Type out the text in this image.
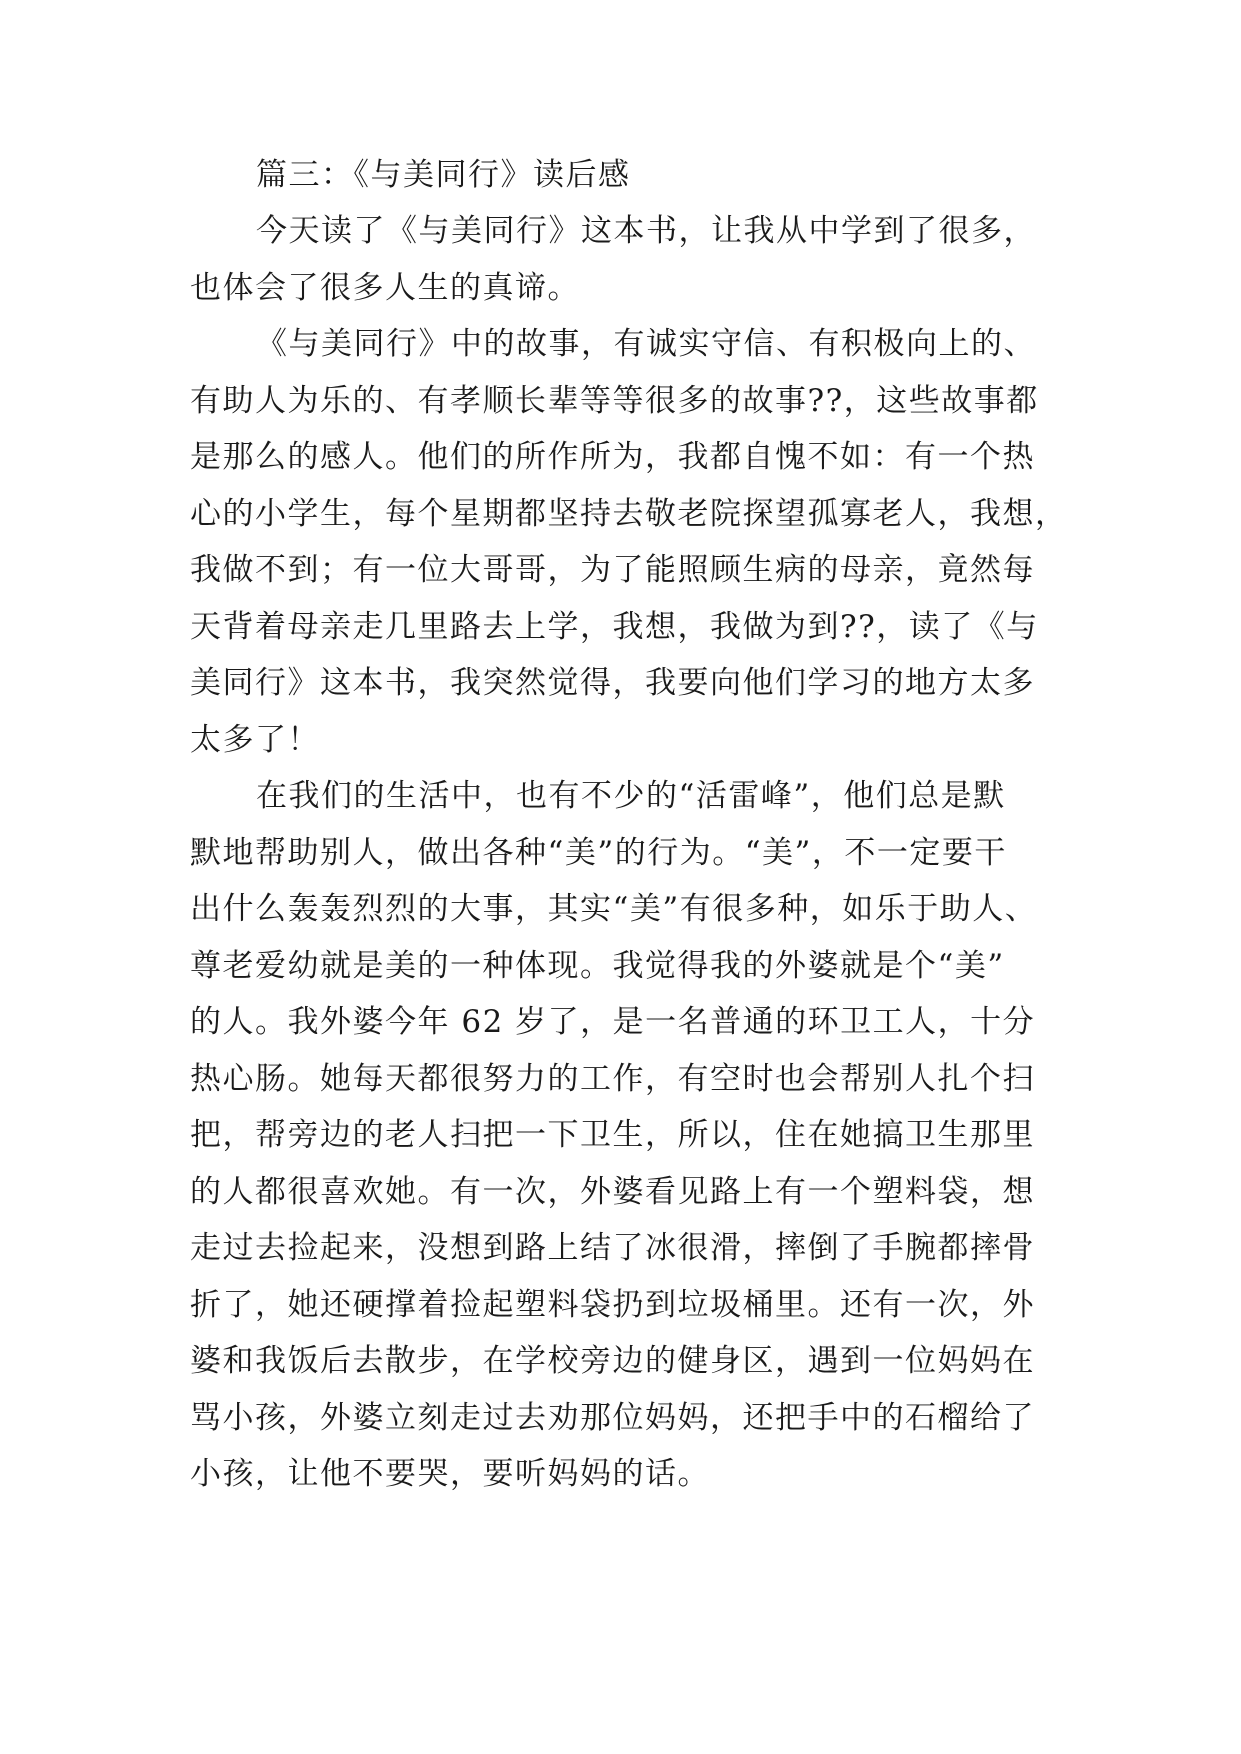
篇三：《与美同行》读后感
今天读了《与美同行》这本书，让我从中学到了很多，
也体会了很多人生的真谛。
《与美同行》中的故事，有诚实守信、有积极向上的、
有助人为乐的、有孝顺长辈等等很多的故事??，这些故事都
是那么的感人。他们的所作所为，我都自愧不如：有一个热
心的小学生，每个星期都坚持去敬老院探望孤寡老人，我想，
我做不到；有一位大哥哥，为了能照顾生病的母亲，竟然每
天背着母亲走几里路去上学，我想，我做为到??，读了《与
美同行》这本书，我突然觉得，我要向他们学习的地方太多
太多了！
在我们的生活中，也有不少的“活雷峰”，他们总是默
默地帮助别人，做出各种“美”的行为。“美”，不一定要干
出什么轰轰烈烈的大事，其实“美”有很多种，如乐于助人、
尊老爱幼就是美的一种体现。我觉得我的外婆就是个“美”
的人。我外婆今年 62 岁了，是一名普通的环卫工人，十分
热心肠。她每天都很努力的工作，有空时也会帮别人扎个扫
把，帮旁边的老人扫把一下卫生，所以，住在她搞卫生那里
的人都很喜欢她。有一次，外婆看见路上有一个塑料袋，想
走过去捡起来，没想到路上结了冰很滑，摔倒了手腕都摔骨
折了，她还硬撑着捡起塑料袋扔到垃圾桶里。还有一次，外
婆和我饭后去散步，在学校旁边的健身区，遇到一位妈妈在
骂小孩，外婆立刻走过去劝那位妈妈，还把手中的石榴给了
小孩，让他不要哭，要听妈妈的话。
